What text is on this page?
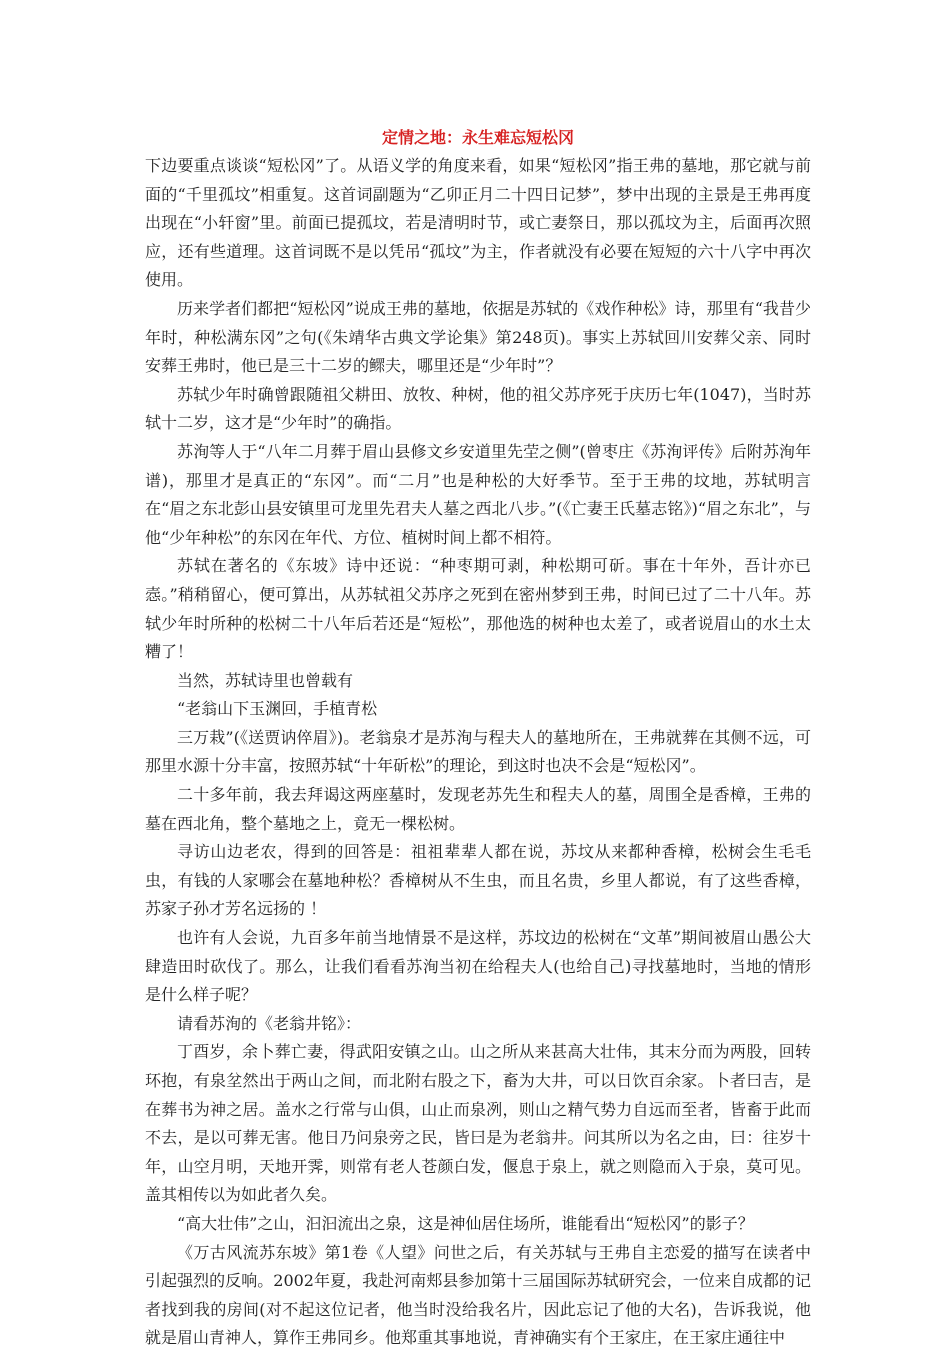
定情之地：永生难忘短松冈

下边要重点谈谈“短松冈”了。从语义学的角度来看，如果“短松冈”指王弗的墓地，那它就与前面的“千里孤坟”相重复。这首词副题为“乙卯正月二十四日记梦”，梦中出现的主景是王弗再度出现在“小轩窗”里。前面已提孤坟，若是清明时节，或亡妻祭日，那以孤坟为主，后面再次照应，还有些道理。这首词既不是以凭吊“孤坟”为主，作者就没有必要在短短的六十八字中再次使用。

历来学者们都把“短松冈”说成王弗的墓地，依据是苏轼的《戏作种松》诗，那里有“我昔少年时，种松满东冈”之句(《朱靖华古典文学论集》第248页)。事实上苏轼回川安葬父亲、同时安葬王弗时，他已是三十二岁的鳏夫，哪里还是“少年时”？

苏轼少年时确曾跟随祖父耕田、放牧、种树，他的祖父苏序死于庆历七年(1047)，当时苏轼十二岁，这才是“少年时”的确指。

苏洵等人于“八年二月葬于眉山县修文乡安道里先茔之侧”(曾枣庄《苏洵评传》后附苏洵年谱)，那里才是真正的“东冈”。而“二月”也是种松的大好季节。至于王弗的坟地，苏轼明言在“眉之东北彭山县安镇里可龙里先君夫人墓之西北八步。”(《亡妻王氏墓志铭》)“眉之东北”，与他“少年种松”的东冈在年代、方位、植树时间上都不相符。

苏轼在著名的《东坡》诗中还说：“种枣期可剥，种松期可斫。事在十年外，吾计亦已悫。”稍稍留心，便可算出，从苏轼祖父苏序之死到在密州梦到王弗，时间已过了二十八年。苏轼少年时所种的松树二十八年后若还是“短松”，那他选的树种也太差了，或者说眉山的水土太糟了！

当然，苏轼诗里也曾载有

“老翁山下玉渊回，手植青松

三万栽”(《送贾讷倅眉》)。老翁泉才是苏洵与程夫人的墓地所在，王弗就葬在其侧不远，可那里水源十分丰富，按照苏轼“十年斫松”的理论，到这时也决不会是“短松冈”。

二十多年前，我去拜谒这两座墓时，发现老苏先生和程夫人的墓，周围全是香樟，王弗的墓在西北角，整个墓地之上，竟无一棵松树。

寻访山边老农，得到的回答是：祖祖辈辈人都在说，苏坟从来都种香樟，松树会生毛毛虫，有钱的人家哪会在墓地种松？香樟树从不生虫，而且名贵，乡里人都说，有了这些香樟，苏家子孙才芳名远扬的 ！

也许有人会说，九百多年前当地情景不是这样，苏坟边的松树在“文革”期间被眉山愚公大肆造田时砍伐了。那么，让我们看看苏洵当初在给程夫人(也给自己)寻找墓地时，当地的情形是什么样子呢？

请看苏洵的《老翁井铭》：

丁酉岁，余卜葬亡妻，得武阳安镇之山。山之所从来甚高大壮伟，其末分而为两股，回转环抱，有泉坌然出于两山之间，而北附右股之下，畜为大井，可以日饮百余家。卜者曰吉，是在葬书为神之居。盖水之行常与山俱，山止而泉冽，则山之精气势力自远而至者，皆畜于此而不去，是以可葬无害。他日乃问泉旁之民，皆曰是为老翁井。问其所以为名之由，曰：往岁十年，山空月明，天地开霁，则常有老人苍颜白发，偃息于泉上，就之则隐而入于泉，莫可见。盖其相传以为如此者久矣。

“高大壮伟”之山，汩汩流出之泉，这是神仙居住场所，谁能看出“短松冈”的影子？

《万古风流苏东坡》第1卷《人望》问世之后，有关苏轼与王弗自主恋爱的描写在读者中引起强烈的反响。2002年夏，我赴河南郏县参加第十三届国际苏轼研究会，一位来自成都的记者找到我的房间(对不起这位记者，他当时没给我名片，因此忘记了他的大名)，告诉我说，他就是眉山青神人，算作王弗同乡。他郑重其事地说，青神确实有个王家庄，在王家庄通往中
